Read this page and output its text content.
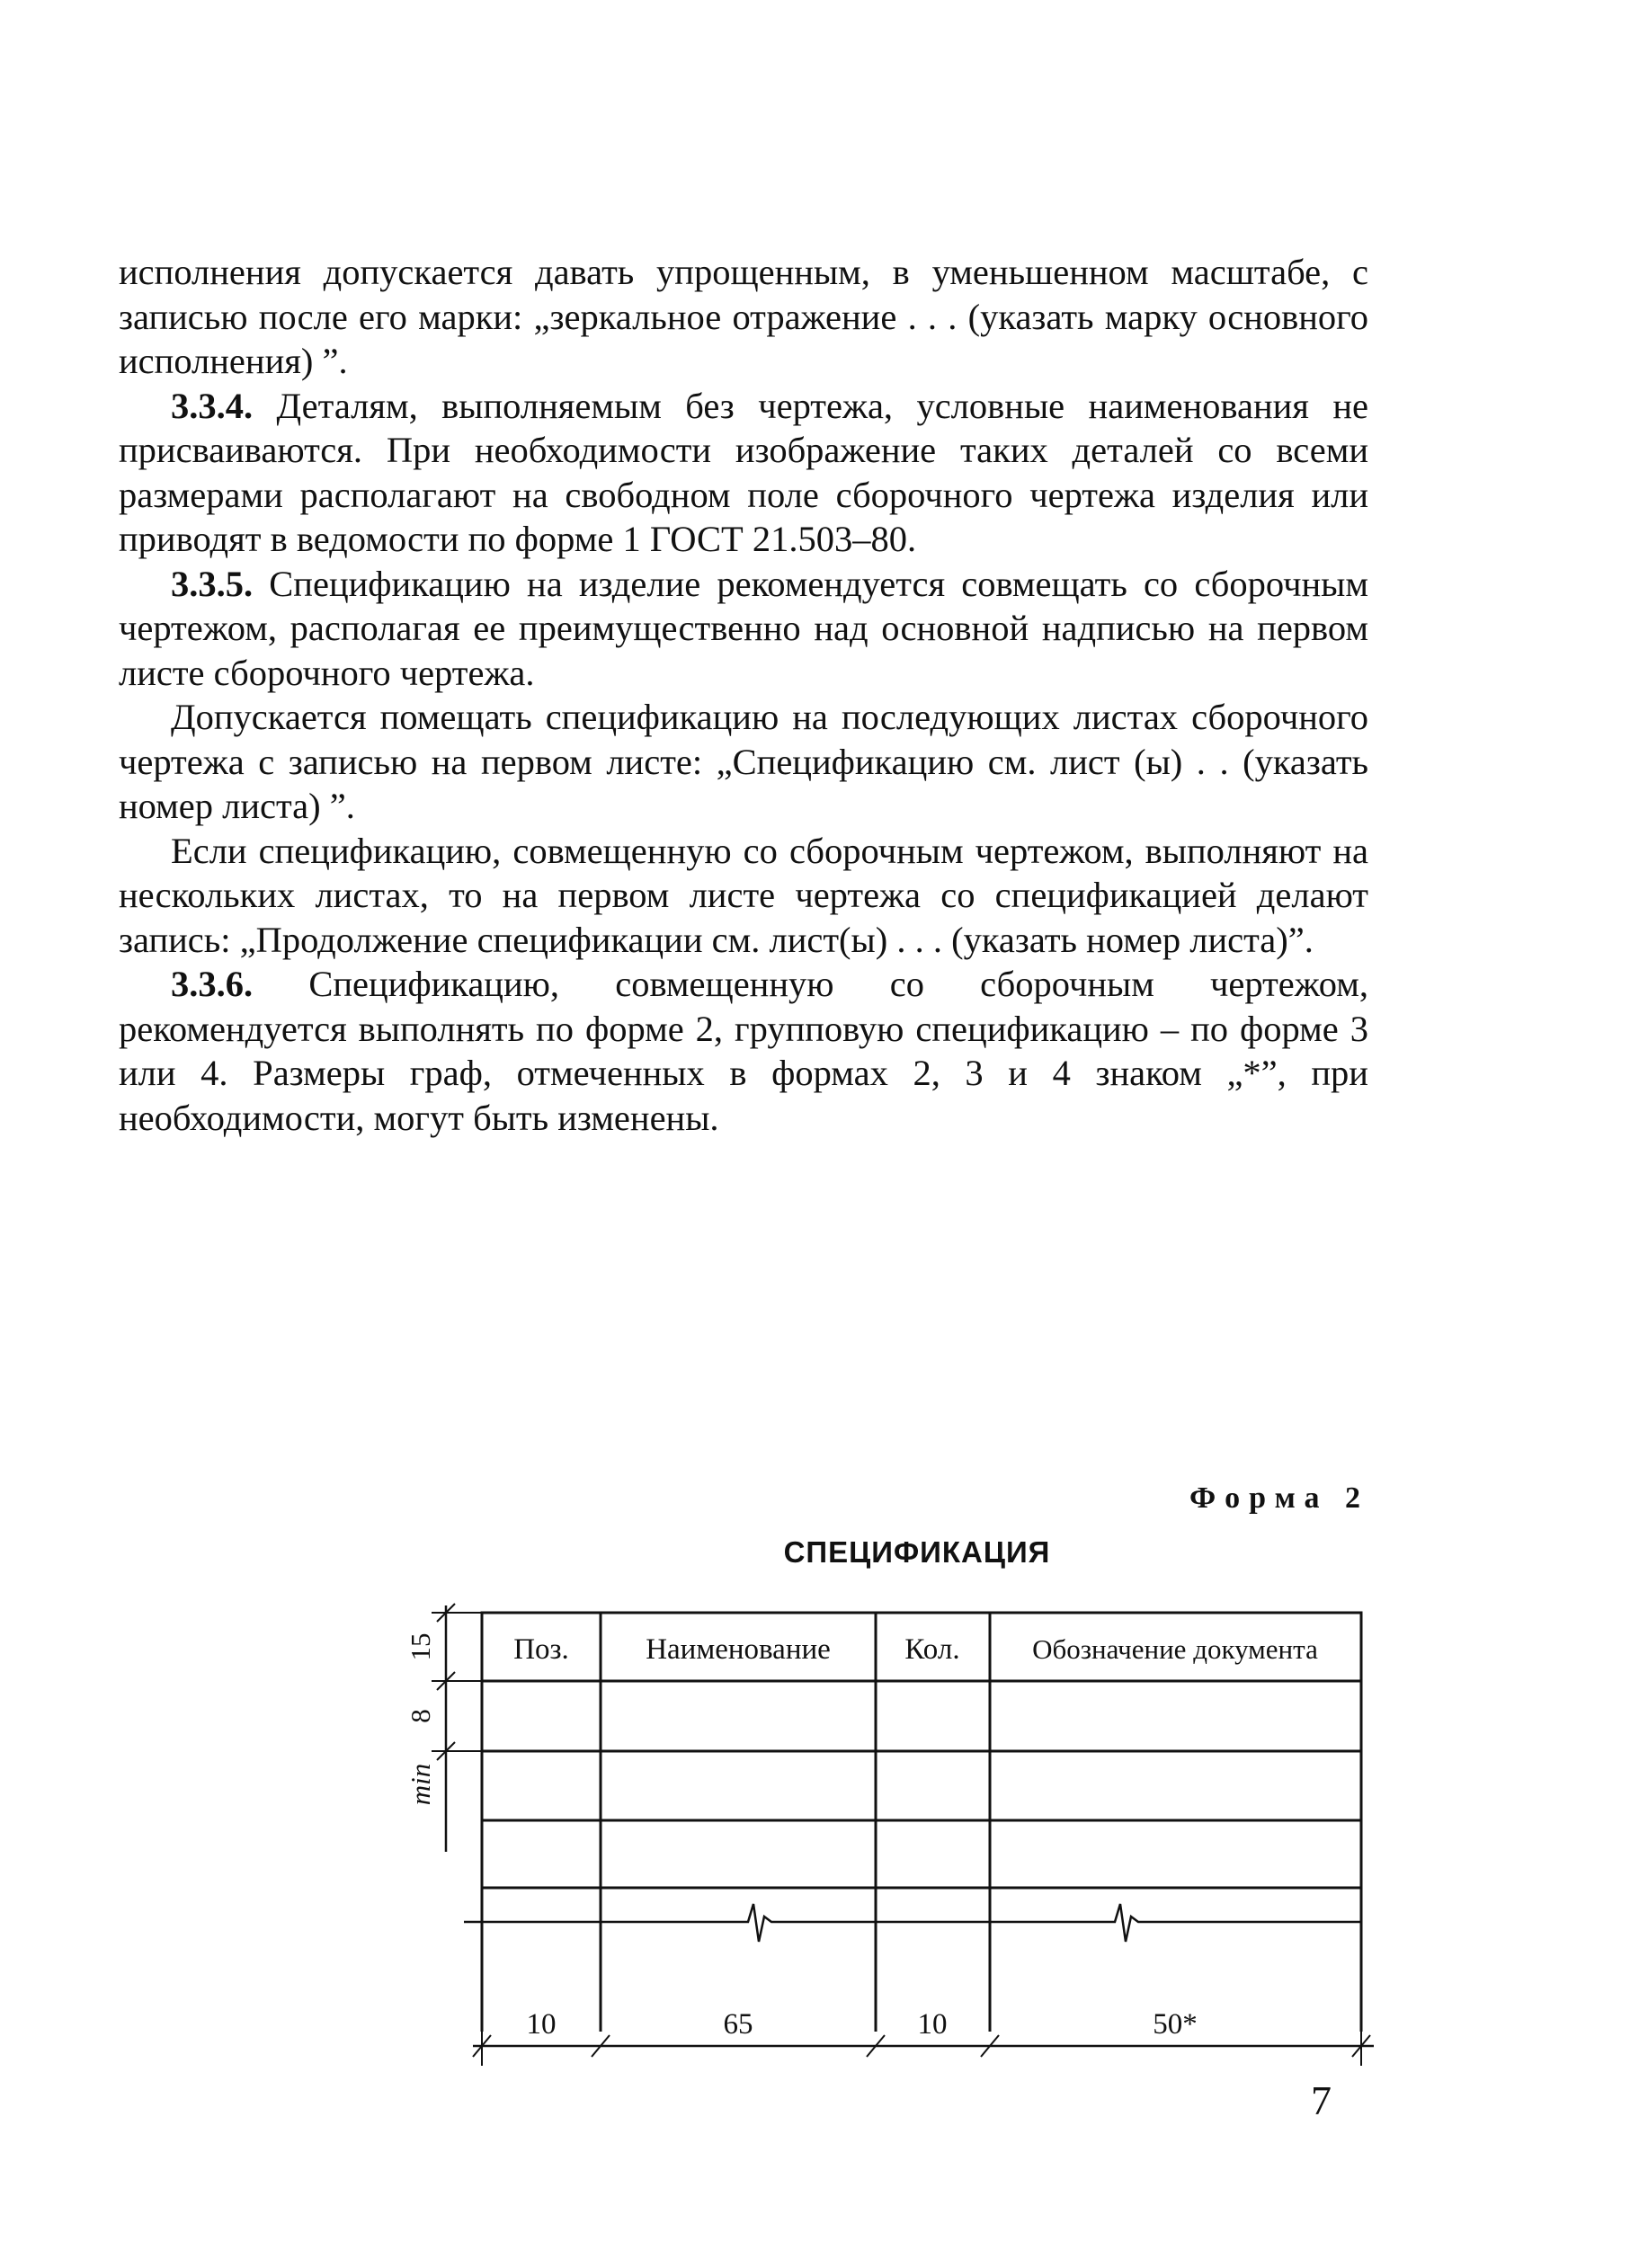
исполнения допускается давать упрощенным, в уменьшенном масштабе, с записью после его марки: „зеркальное отражение . . . (указать марку основного исполнения) ”.

3.3.4. Деталям, выполняемым без чертежа, условные наименования не присваиваются. При необходимости изображение таких деталей со всеми размерами располагают на свободном поле сборочного чертежа изделия или приводят в ведомости по форме 1 ГОСТ 21.503–80.

3.3.5. Спецификацию на изделие рекомендуется совмещать со сборочным чертежом, располагая ее преимущественно над основной надписью на первом листе сборочного чертежа.

Допускается помещать спецификацию на последующих листах сборочного чертежа с записью на первом листе: „Спецификацию см. лист (ы) . . (указать номер листа) ”.

Если спецификацию, совмещенную со сборочным чертежом, выполняют на нескольких листах, то на первом листе чертежа со спецификацией делают запись: „Продолжение спецификации см. лист(ы) . . . (указать номер листа)”.

3.3.6. Спецификацию, совмещенную со сборочным чертежом, рекомендуется выполнять по форме 2, групповую спецификацию – по форме 3 или 4. Размеры граф, отмеченных в формах 2, 3 и 4 знаком „*”, при необходимости, могут быть изменены.

Форма 2
СПЕЦИФИКАЦИЯ
Поз.	Наименование	Кол.	Обозначение документа
10	65	10	50*
15
8
min
7
